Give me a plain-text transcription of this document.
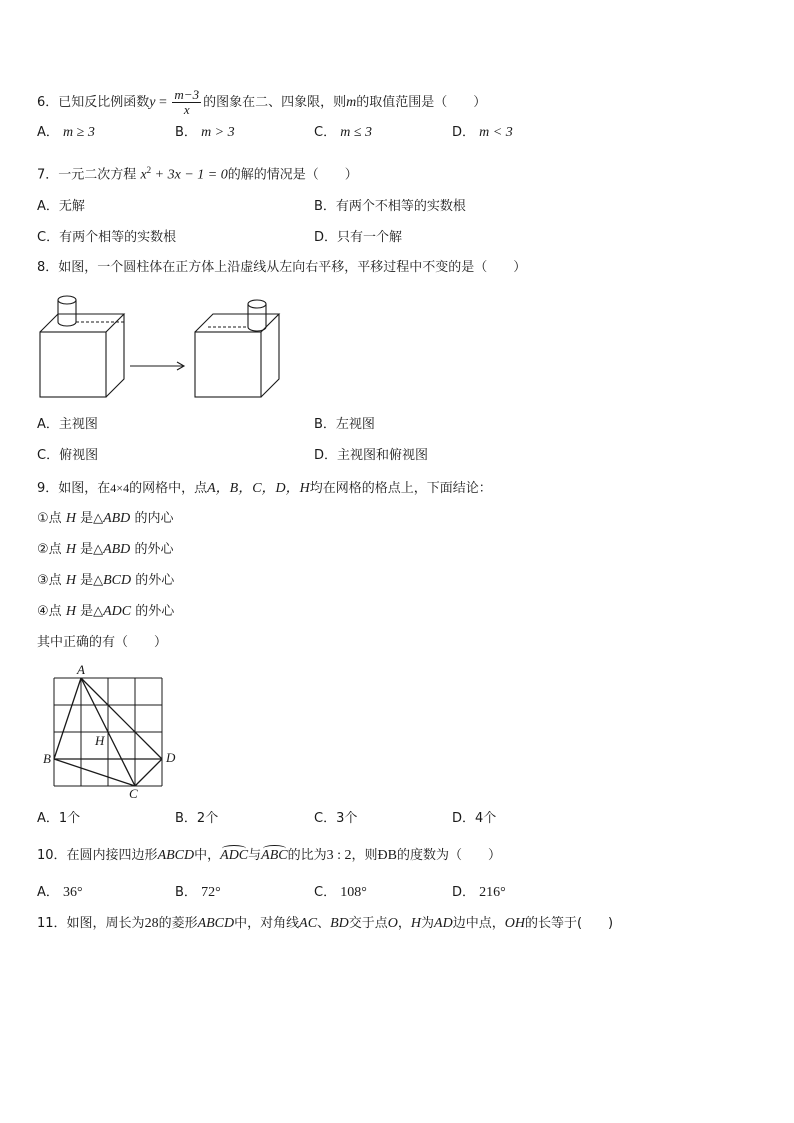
6．已知反比例函数$y = \frac{m-3}{x}$ 的图象在二、四象限，则m的取值范围是（　　）
A． m ≥ 3	B． m > 3	C． m ≤ 3	D． m < 3
7．一元二次方程 $x^2 + 3x - 1 = 0$的解的情况是（　　）
A．无解	B．有两个不相等的实数根
C．有两个相等的实数根	D．只有一个解
8．如图，一个圆柱体在正方体上沿虚线从左向右平移，平移过程中不变的是（　　）
A．主视图	B．左视图
C．俯视图	D．主视图和俯视图
9．如图，在4×4的网格中，点A，B，C，D，H均在网格的格点上，下面结论：
①点 H 是△ABD 的内心
②点 H 是△ABD 的外心
③点 H 是△BCD 的外心
④点 H 是△ADC 的外心
其中正确的有（　　）
A
B
C
D
H
A．1个	B．2个	C．3个	D．4个
10．在圆内接四边形ABCD中，ADC与ABC的比为3 : 2，则ÐB的度数为（　　）
A． 36°	B． 72°	C． 108°	D． 216°
11．如图，周长为28的菱形ABCD中，对角线AC、BD交于点O，H为AD边中点，OH的长等于(　　)
